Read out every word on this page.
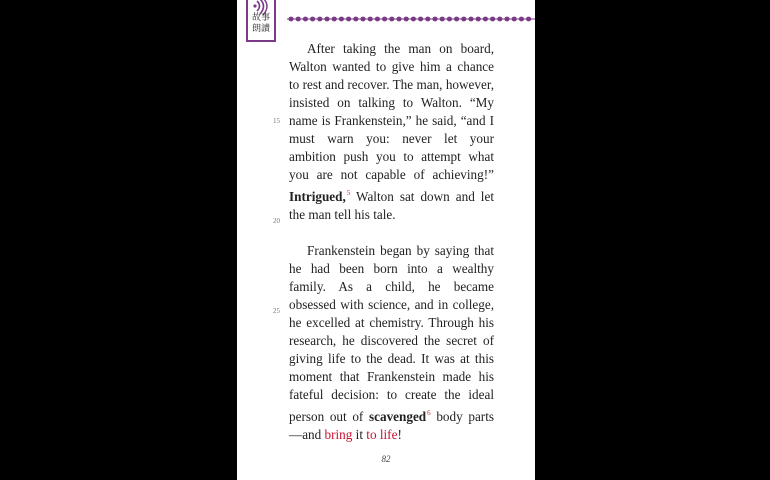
故事
朗讀
15
20
25

After taking the man on board, Walton wanted to give him a chance to rest and recover. The man, however, insisted on talking to Walton. “My name is Frankenstein,” he said, “and I must warn you: never let your ambition push you to attempt what you are not capable of achieving!” Intrigued,$^5$ Walton sat down and let the man tell his tale.

Frankenstein began by saying that he had been born into a wealthy family. As a child, he became obsessed with science, and in college, he excelled at chemistry. Through his research, he discovered the secret of giving life to the dead. It was at this moment that Frankenstein made his fateful decision: to create the ideal person out of scavenged$^6$ body parts—and bring it to life!

82
